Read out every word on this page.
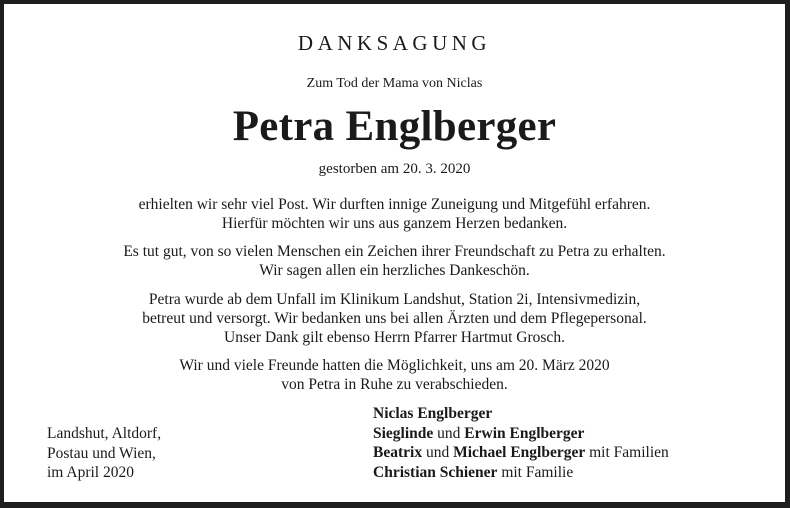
DANKSAGUNG
Zum Tod der Mama von Niclas
Petra Englberger
gestorben am 20. 3. 2020
erhielten wir sehr viel Post. Wir durften innige Zuneigung und Mitgefühl erfahren.
Hierfür möchten wir uns aus ganzem Herzen bedanken.
Es tut gut, von so vielen Menschen ein Zeichen ihrer Freundschaft zu Petra zu erhalten.
Wir sagen allen ein herzliches Dankeschön.
Petra wurde ab dem Unfall im Klinikum Landshut, Station 2i, Intensivmedizin,
betreut und versorgt. Wir bedanken uns bei allen Ärzten und dem Pflegepersonal.
Unser Dank gilt ebenso Herrn Pfarrer Hartmut Grosch.
Wir und viele Freunde hatten die Möglichkeit, uns am 20. März 2020
von Petra in Ruhe zu verabschieden.
Landshut, Altdorf,
Postau und Wien,
im April 2020
Niclas Englberger
Sieglinde und Erwin Englberger
Beatrix und Michael Englberger mit Familien
Christian Schiener mit Familie
